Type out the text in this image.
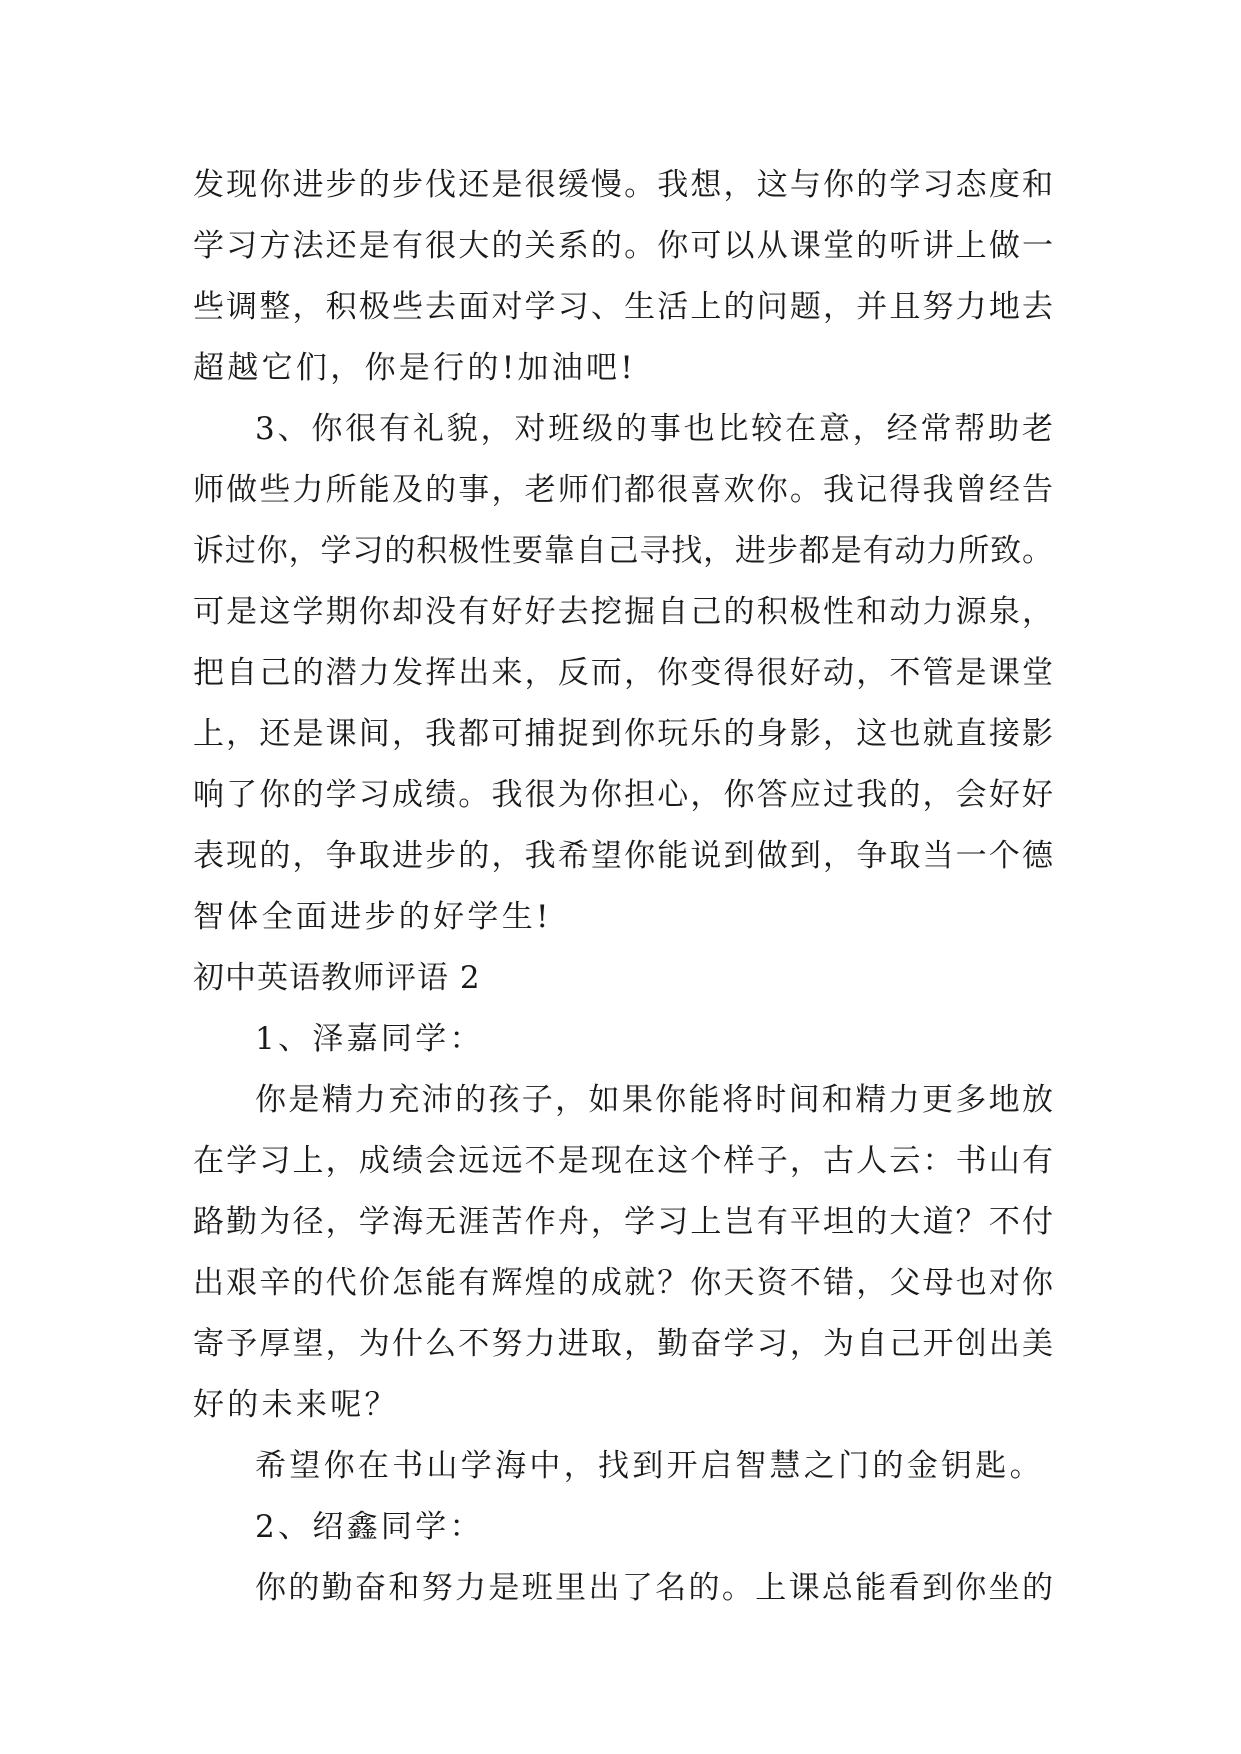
发现你进步的步伐还是很缓慢。我想，这与你的学习态度和
学习方法还是有很大的关系的。你可以从课堂的听讲上做一
些调整，积极些去面对学习、生活上的问题，并且努力地去
超越它们，你是行的!加油吧!
3、你很有礼貌，对班级的事也比较在意，经常帮助老
师做些力所能及的事，老师们都很喜欢你。我记得我曾经告
诉过你，学习的积极性要靠自己寻找，进步都是有动力所致。
可是这学期你却没有好好去挖掘自己的积极性和动力源泉，
把自己的潜力发挥出来，反而，你变得很好动，不管是课堂
上，还是课间，我都可捕捉到你玩乐的身影，这也就直接影
响了你的学习成绩。我很为你担心，你答应过我的，会好好
表现的，争取进步的，我希望你能说到做到，争取当一个德
智体全面进步的好学生!
初中英语教师评语 2
1、泽嘉同学：
你是精力充沛的孩子，如果你能将时间和精力更多地放
在学习上，成绩会远远不是现在这个样子，古人云：书山有
路勤为径，学海无涯苦作舟，学习上岂有平坦的大道？不付
出艰辛的代价怎能有辉煌的成就？你天资不错，父母也对你
寄予厚望，为什么不努力进取，勤奋学习，为自己开创出美
好的未来呢？
希望你在书山学海中，找到开启智慧之门的金钥匙。
2、绍鑫同学：
你的勤奋和努力是班里出了名的。上课总能看到你坐的
